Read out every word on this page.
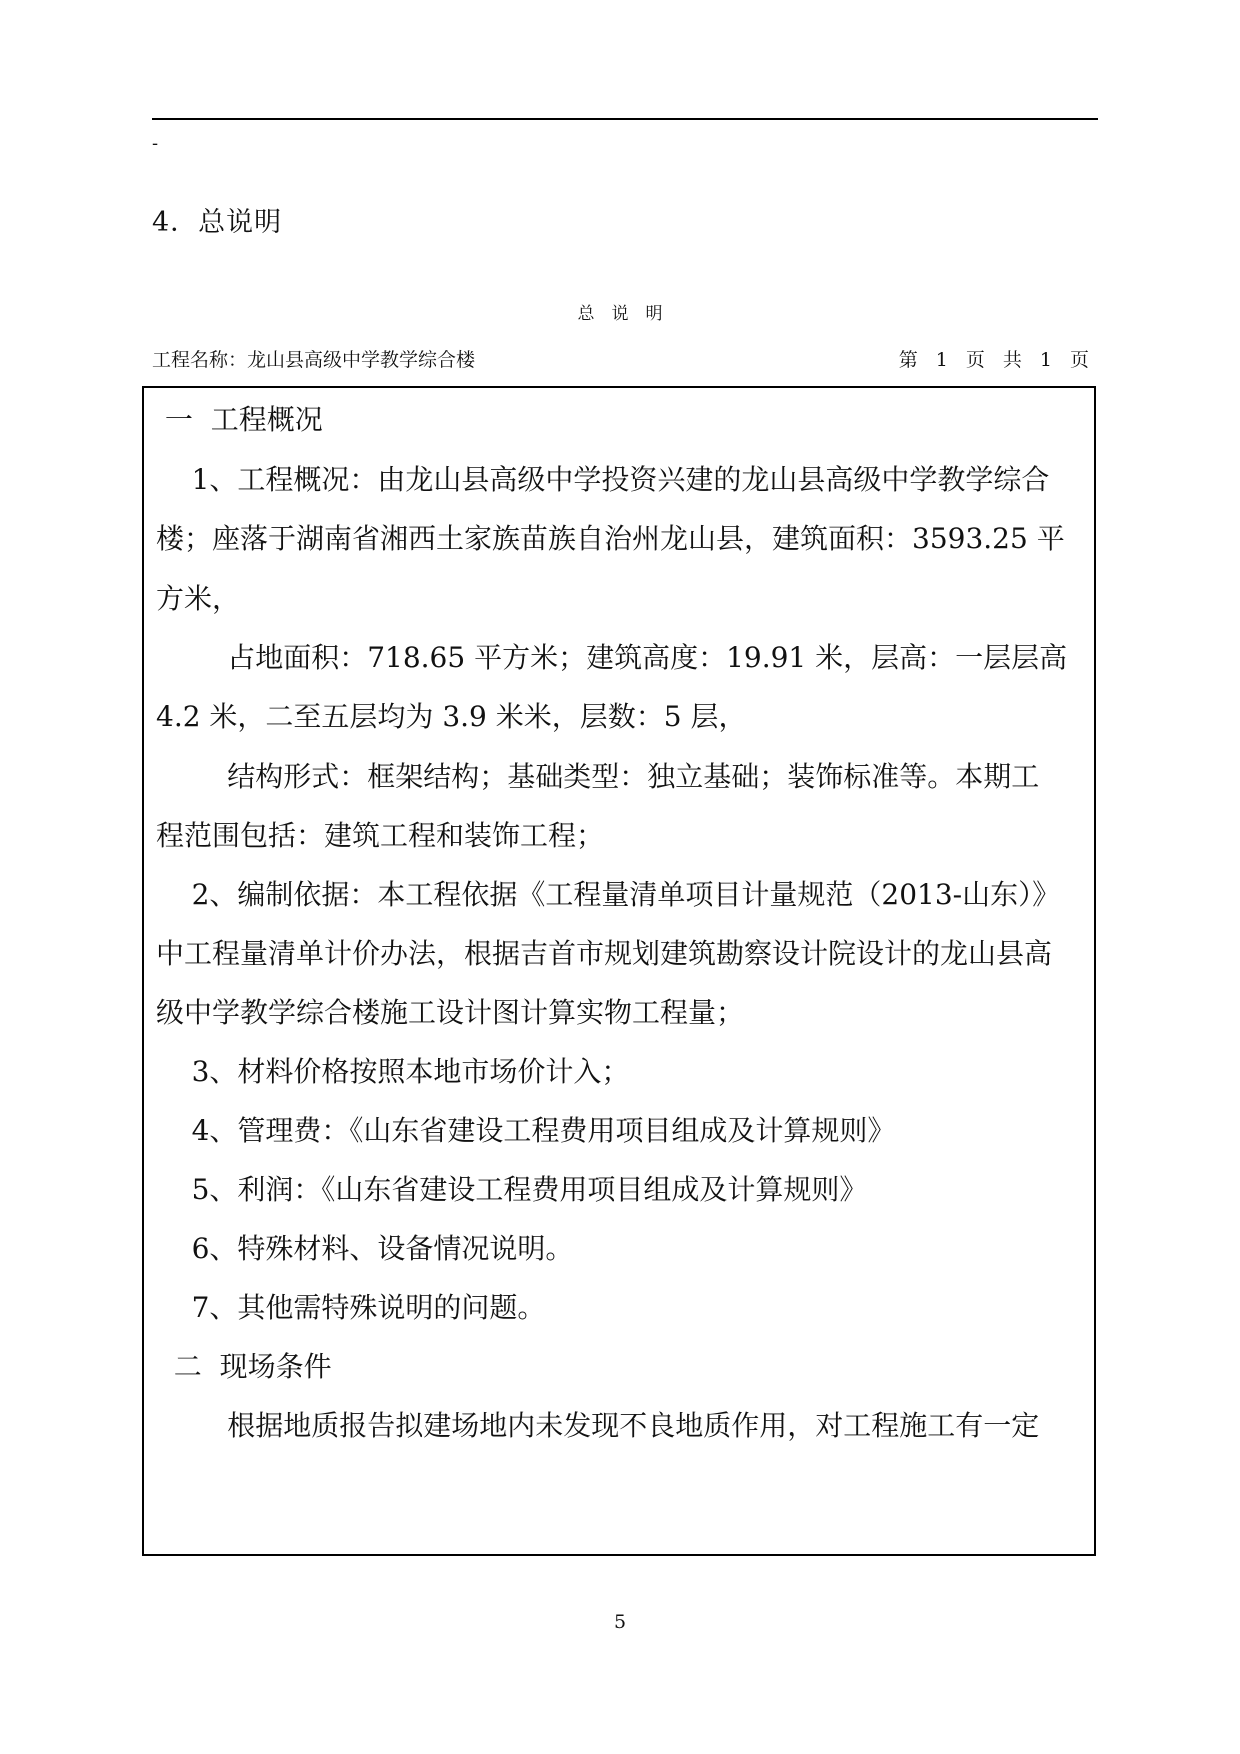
-
4．总说明
总说明
工程名称：龙山县高级中学教学综合楼	第 1 页 共 1 页
一  工程概况
1、工程概况：由龙山县高级中学投资兴建的龙山县高级中学教学综合
楼；座落于湖南省湘西土家族苗族自治州龙山县，建筑面积：3593.25 平
方米，
占地面积：718.65 平方米；建筑高度：19.91 米，层高：一层层高
4.2 米，二至五层均为 3.9 米米，层数：5 层，
结构形式：框架结构；基础类型：独立基础；装饰标准等。本期工
程范围包括：建筑工程和装饰工程；
2、编制依据：本工程依据《工程量清单项目计量规范（2013-山东）》
中工程量清单计价办法，根据吉首市规划建筑勘察设计院设计的龙山县高
级中学教学综合楼施工设计图计算实物工程量；
3、材料价格按照本地市场价计入；
4、管理费：《山东省建设工程费用项目组成及计算规则》
5、利润：《山东省建设工程费用项目组成及计算规则》
6、特殊材料、设备情况说明。
7、其他需特殊说明的问题。
二  现场条件
根据地质报告拟建场地内未发现不良地质作用，对工程施工有一定
5
